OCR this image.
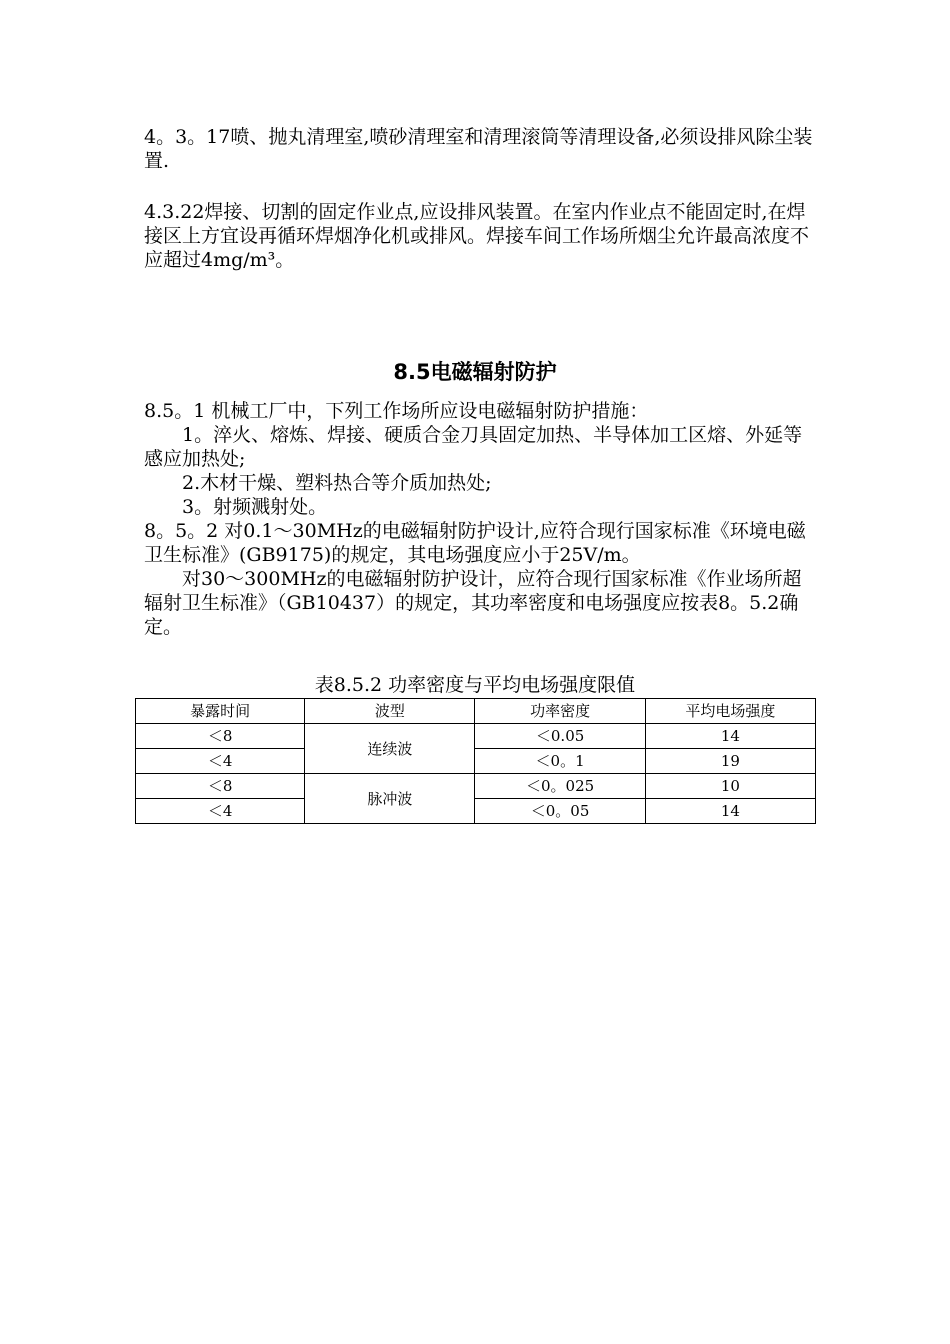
4。3。17喷、抛丸清理室,喷砂清理室和清理滚筒等清理设备,必须设排风除尘装置.

4.3.22焊接、切割的固定作业点,应设排风装置。在室内作业点不能固定时,在焊接区上方宜设再循环焊烟净化机或排风。焊接车间工作场所烟尘允许最高浓度不应超过4mg/m³。

8.5电磁辐射防护
8.5。1 机械工厂中，下列工作场所应设电磁辐射防护措施：
1。淬火、熔炼、焊接、硬质合金刀具固定加热、半导体加工区熔、外延等感应加热处;
2.木材干燥、塑料热合等介质加热处;
3。射频溅射处。
8。5。2 对0.1～30MHz的电磁辐射防护设计,应符合现行国家标准《环境电磁卫生标准》(GB9175)的规定，其电场强度应小于25V/m。
对30～300MHz的电磁辐射防护设计，应符合现行国家标准《作业场所超辐射卫生标准》（GB10437）的规定，其功率密度和电场强度应按表8。5.2确定。
表8.5.2 功率密度与平均电场强度限值
暴露时间	波型	功率密度	平均电场强度
＜8	连续波	＜0.05	14
＜4		＜0。1	19
＜8	脉冲波	＜0。025	10
＜4		＜0。05	14
